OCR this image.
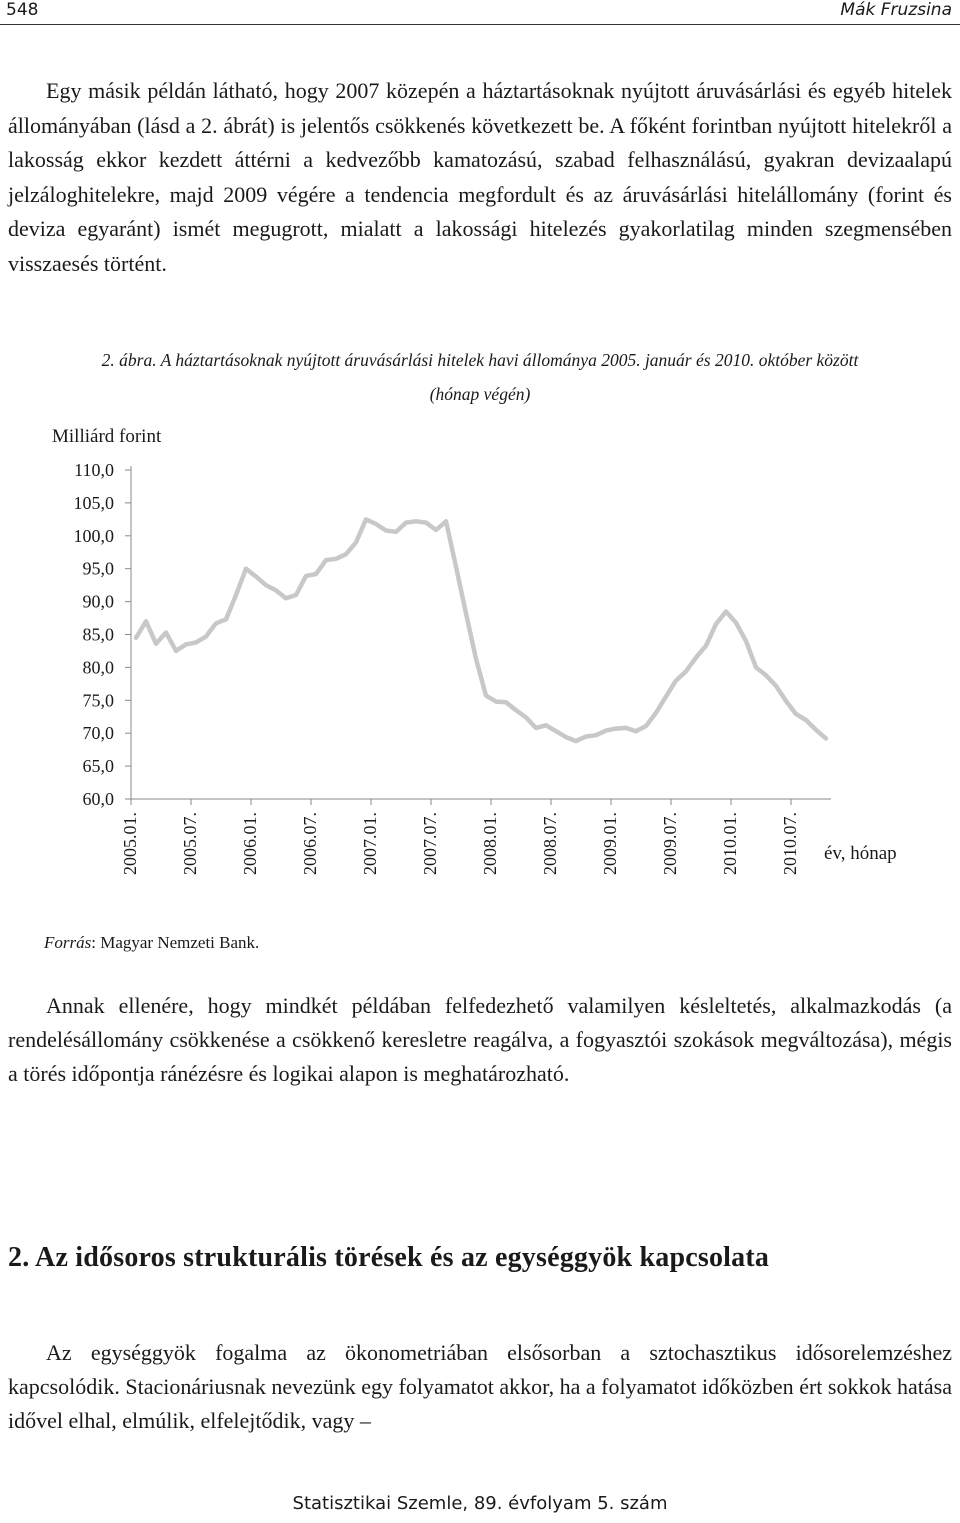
548	Mák Fruzsina

Egy másik példán látható, hogy 2007 közepén a háztartásoknak nyújtott áruvásárlási és egyéb hitelek állományában (lásd a 2. ábrát) is jelentős csökkenés következett be. A főként forintban nyújtott hitelekről a lakosság ekkor kezdett áttérni a kedvezőbb kamatozású, szabad felhasználású, gyakran devizaalapú jelzáloghitelekre, majd 2009 végére a tendencia megfordult és az áruvásárlási hitelállomány (forint és deviza egyaránt) ismét megugrott, mialatt a lakossági hitelezés gyakorlatilag minden szegmensében visszaesés történt.

2. ábra. A háztartásoknak nyújtott áruvásárlási hitelek havi állománya 2005. január és 2010. október között
(hónap végén)
110,0
105,0
100,0
95,0
90,0
85,0
80,0
75,0
70,0
65,0
60,0
2005.01. 2005.07. 2006.01. 2006.07. 2007.01. 2007.07. 2008.01. 2008.07. 2009.01. 2009.07. 2010.01. 2010.07.
Milliárd forint
év, hónap
Forrás: Magyar Nemzeti Bank.

Annak ellenére, hogy mindkét példában felfedezhető valamilyen késleltetés, alkalmazkodás (a rendelésállomány csökkenése a csökkenő keresletre reagálva, a fogyasztói szokások megváltozása), mégis a törés időpontja ránézésre és logikai alapon is meghatározható.

2. Az idősoros strukturális törések és az egységgyök kapcsolata

Az egységgyök fogalma az ökonometriában elsősorban a sztochasztikus idősorelemzéshez kapcsolódik. Stacionáriusnak nevezünk egy folyamatot akkor, ha a folyamatot időközben ért sokkok hatása idővel elhal, elmúlik, elfelejtődik, vagy –

Statisztikai Szemle, 89. évfolyam 5. szám
